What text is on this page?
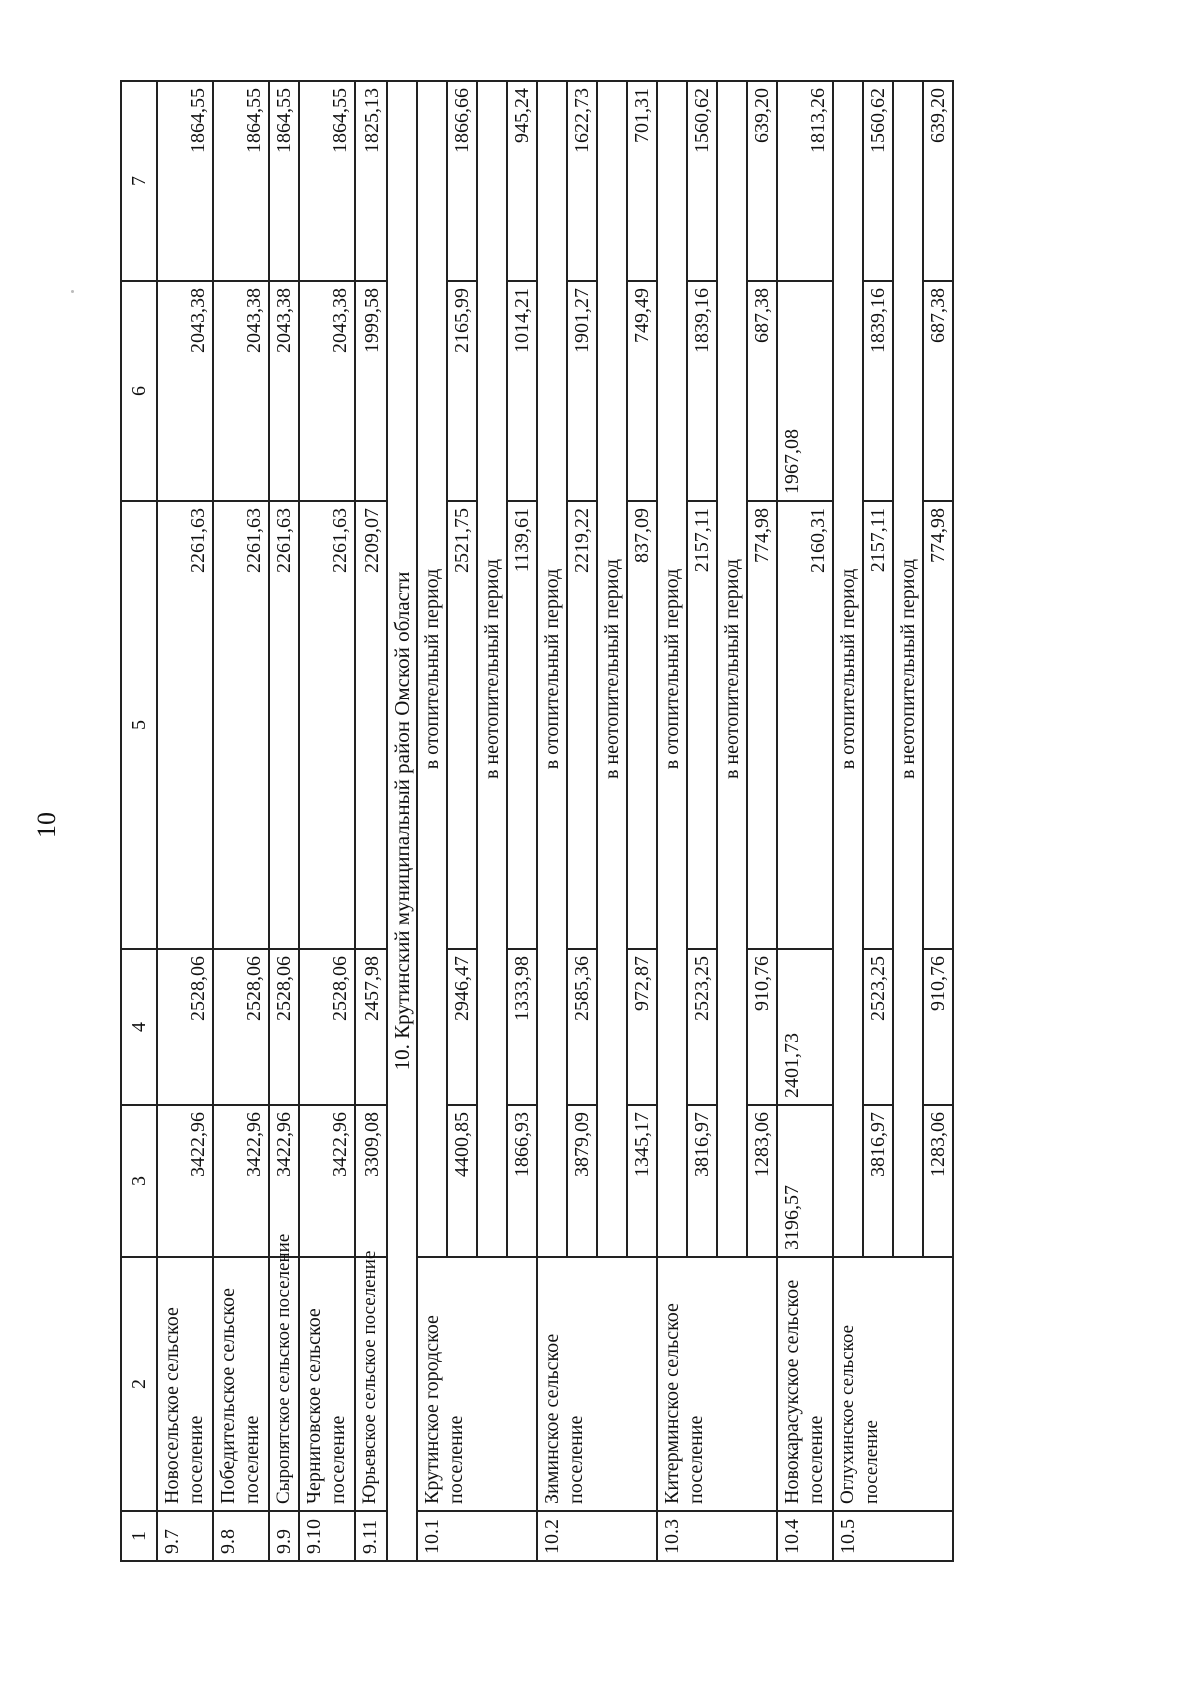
10
1	2	3	4	5	6	7
9.7	Новосельское сельское поселение	3422,96	2528,06	2261,63	2043,38	1864,55
9.8	Победительское сельское поселение	3422,96	2528,06	2261,63	2043,38	1864,55
9.9	Сыропятское сельское поселение	3422,96	2528,06	2261,63	2043,38	1864,55
9.10	Черниговское сельское поселение	3422,96	2528,06	2261,63	2043,38	1864,55
9.11	Юрьевское сельское поселение	3309,08	2457,98	2209,07	1999,58	1825,13
10. Крутинский муниципальный район Омской области						
10.1	Крутинское городское поселение	в отопительный период				
		4400,85	2946,47	2521,75	2165,99	1866,66
		в неотопительный период				
		1866,93	1333,98	1139,61	1014,21	945,24
10.2	Зиминское сельское поселение	в отопительный период				
		3879,09	2585,36	2219,22	1901,27	1622,73
		в неотопительный период				
		1345,17	972,87	837,09	749,49	701,31
10.3	Китерминское сельское поселение	в отопительный период				
		3816,97	2523,25	2157,11	1839,16	1560,62
		в неотопительный период				
		1283,06	910,76	774,98	687,38	639,20
10.4	Новокарасукское сельское поселение	3196,57	2401,73	2160,31	1967,08	1813,26
10.5	Оглухинское сельское поселение	в отопительный период				
		3816,97	2523,25	2157,11	1839,16	1560,62
		в неотопительный период				
		1283,06	910,76	774,98	687,38	639,20
